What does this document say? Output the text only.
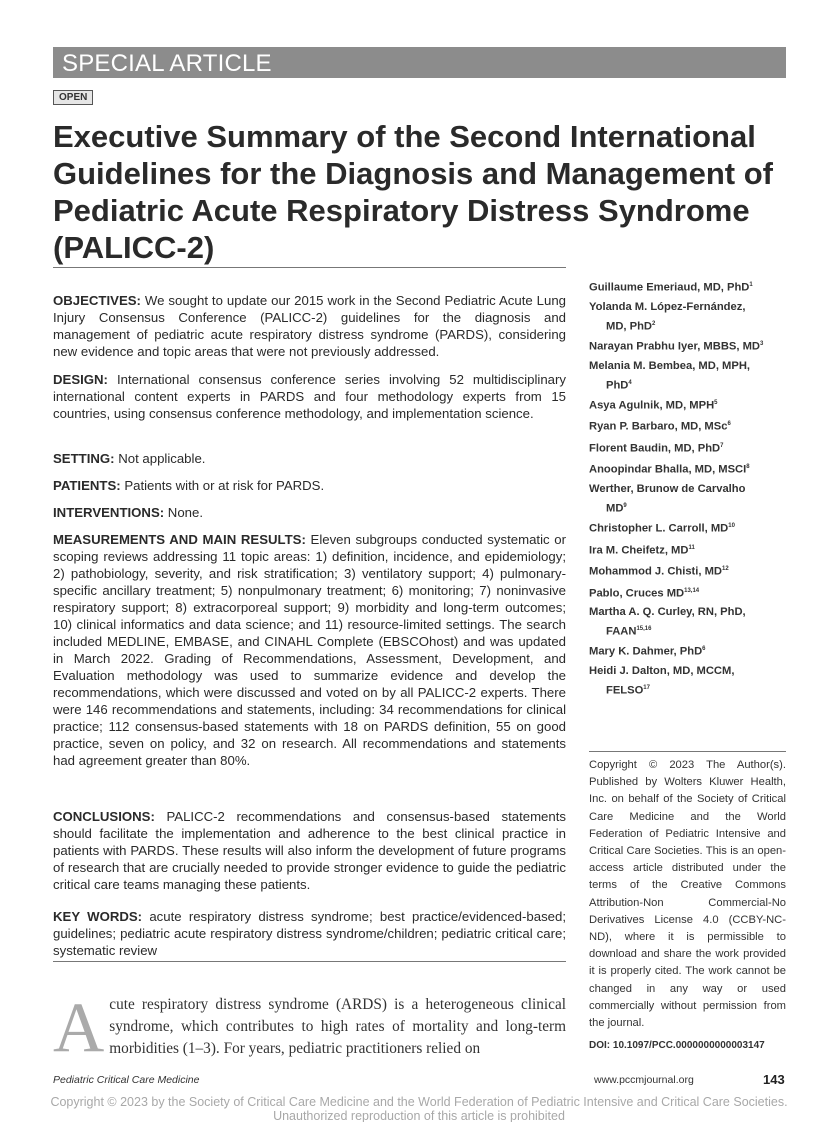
SPECIAL ARTICLE
OPEN
Executive Summary of the Second International Guidelines for the Diagnosis and Management of Pediatric Acute Respiratory Distress Syndrome (PALICC-2)

OBJECTIVES: We sought to update our 2015 work in the Second Pediatric Acute Lung Injury Consensus Conference (PALICC-2) guidelines for the diagnosis and management of pediatric acute respiratory distress syndrome (PARDS), considering new evidence and topic areas that were not previously addressed.

DESIGN: International consensus conference series involving 52 multidisciplinary international content experts in PARDS and four methodology experts from 15 countries, using consensus conference methodology, and implementation science.

SETTING: Not applicable.

PATIENTS: Patients with or at risk for PARDS.

INTERVENTIONS: None.

MEASUREMENTS AND MAIN RESULTS: Eleven subgroups conducted systematic or scoping reviews addressing 11 topic areas: 1) definition, incidence, and epidemiology; 2) pathobiology, severity, and risk stratification; 3) ventilatory support; 4) pulmonary-specific ancillary treatment; 5) nonpulmonary treatment; 6) monitoring; 7) noninvasive respiratory support; 8) extracorporeal support; 9) morbidity and long-term outcomes; 10) clinical informatics and data science; and 11) resource-limited settings. The search included MEDLINE, EMBASE, and CINAHL Complete (EBSCOhost) and was updated in March 2022. Grading of Recommendations, Assessment, Development, and Evaluation methodology was used to summarize evidence and develop the recommendations, which were discussed and voted on by all PALICC-2 experts. There were 146 recommendations and statements, including: 34 recommendations for clinical practice; 112 consensus-based statements with 18 on PARDS definition, 55 on good practice, seven on policy, and 32 on research. All recommendations and statements had agreement greater than 80%.

CONCLUSIONS: PALICC-2 recommendations and consensus-based statements should facilitate the implementation and adherence to the best clinical practice in patients with PARDS. These results will also inform the development of future programs of research that are crucially needed to provide stronger evidence to guide the pediatric critical care teams managing these patients.

KEY WORDS: acute respiratory distress syndrome; best practice/evidenced-based; guidelines; pediatric acute respiratory distress syndrome/children; pediatric critical care; systematic review

Guillaume Emeriaud, MD, PhD$^1$
Yolanda M. López-Fernández,
MD, PhD$^2$
Narayan Prabhu Iyer, MBBS, $MD^3$
Melania M. Bembea, MD, MPH,
PhD$^4$
Asya Agulnik, MD, MPH$^5$
Ryan P. Barbaro, MD, MSc$^6$
Florent Baudin, MD, PhD$^7$
Anoopindar Bhalla, MD, MSCI$^8$
Werther, Brunow de Carvalho
$MD^9$
Christopher L. Carroll, MD$^{10}$
Ira M. Cheifetz, MD$^{11}$
Mohammod J. Chisti, MD$^{12}$
Pablo, Cruces MD$^{13,14}$
Martha A. Q. Curley, RN, PhD,
FAAN$^{15,16}$
Mary K. Dahmer, PhD$^6$
Heidi J. Dalton, MD, MCCM,
FELSO$^{17}$
Copyright © 2023 The Author(s). Published by Wolters Kluwer Health, Inc. on behalf of the Society of Critical Care Medicine and the World Federation of Pediatric Intensive and Critical Care Societies. This is an open-access article distributed under the terms of the Creative Commons Attribution-Non Commercial-No Derivatives License 4.0 (CCBY-NC-ND), where it is permissible to download and share the work provided it is properly cited. The work cannot be changed in any way or used commercially without permission from the journal.
DOI: 10.1097/PCC.0000000000003147
Acute respiratory distress syndrome (ARDS) is a heterogeneous clinical syndrome, which contributes to high rates of mortality and long-term morbidities (1–3). For years, pediatric practitioners relied on
Pediatric Critical Care Medicine	www.pccmjournal.org	143
Copyright © 2023 by the Society of Critical Care Medicine and the World Federation of Pediatric Intensive and Critical Care Societies.
Unauthorized reproduction of this article is prohibited
